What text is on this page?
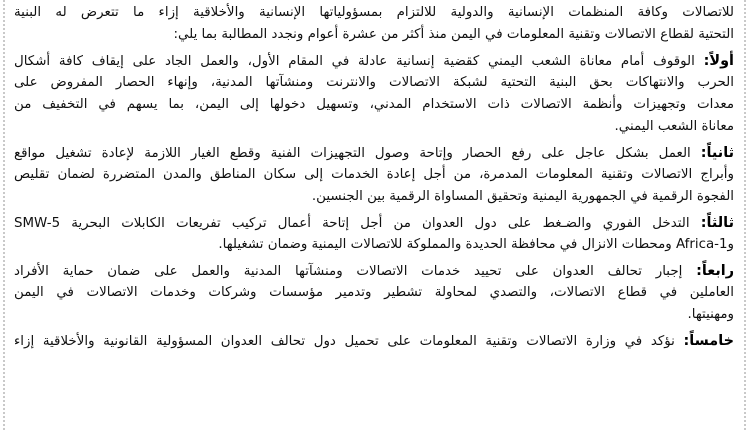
للاتصالات وكافة المنظمات الإنسانية والدولية للالتزام بمسؤولياتها الإنسانية والأخلاقية إزاء ما تتعرض له البنية
التحتية لقطاع الاتصالات وتقنية المعلومات في اليمن منذ أكثر من عشرة أعوام ونجدد المطالبة بما يلي:
أولاً: الوقوف أمام معاناة الشعب اليمني كقضية إنسانية عادلة في المقام الأول، والعمل الجاد على إيقاف كافة أشكال
الحرب والانتهاكات بحق البنية التحتية لشبكة الاتصالات والانترنت ومنشآتها المدنية، وإنهاء الحصار المفروض على
معدات وتجهيزات وأنظمة الاتصالات ذات الاستخدام المدني، وتسهيل دخولها إلى اليمن، بما يسهم في التخفيف من
معاناة الشعب اليمني.
ثانياً: العمل بشكل عاجل على رفع الحصار وإتاحة وصول التجهيزات الفنية وقطع الغيار اللازمة لإعادة تشغيل مواقع
وأبراج الاتصالات وتقنية المعلومات المدمرة، من أجل إعادة الخدمات إلى سكان المناطق والمدن المتضررة لضمان تقليص
الفجوة الرقمية في الجمهورية اليمنية وتحقيق المساواة الرقمية بين الجنسين.
ثالثاً: التدخل الفوري والضـغط على دول العدوان من أجل إتاحة أعمال تركيب تفريعات الكابلات البحرية SMW-5
وAfrica-1 ومحطات الانزال في محافظة الحديدة والمملوكة للاتصالات اليمنية وضمان تشغيلها.
رابعاً: إجبار تحالف العدوان على تحييد خدمات الاتصالات ومنشآتها المدنية والعمل على ضمان حماية الأفراد
العاملين في قطاع الاتصالات، والتصدي لمحاولة تشطير وتدمير مؤسسات وشركات وخدمات الاتصالات في اليمن
ومهنيتها.
خامساً: نؤكد في وزارة الاتصالات وتقنية المعلومات على تحميل دول تحالف العدوان المسؤولية القانونية والأخلاقية إزاء
